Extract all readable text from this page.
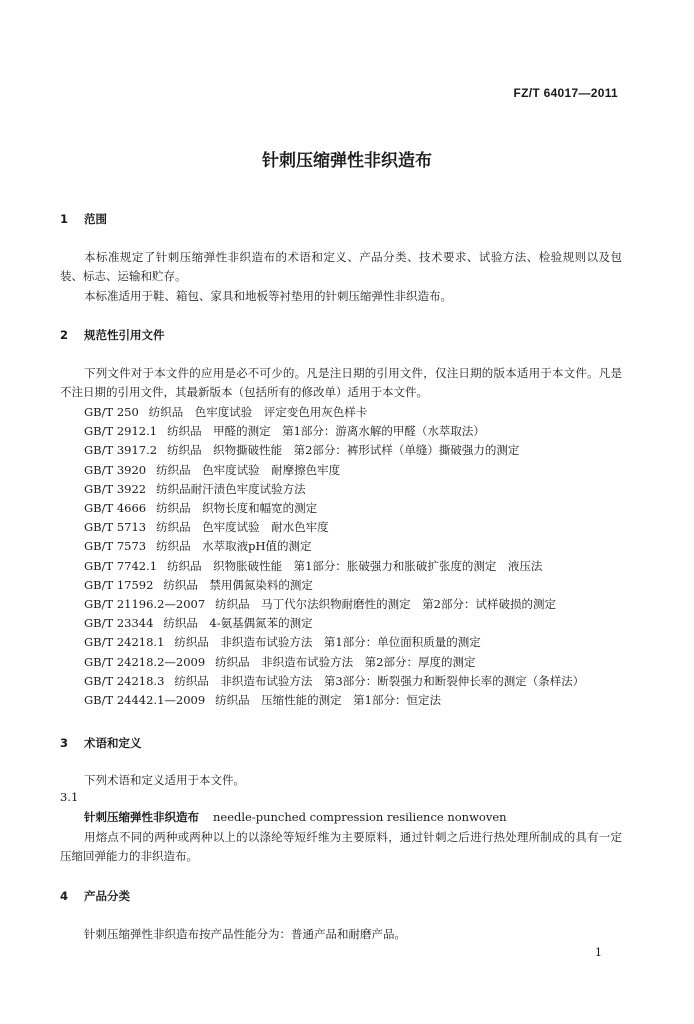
FZ/T 64017—2011
针刺压缩弹性非织造布
1 范围
本标准规定了针刺压缩弹性非织造布的术语和定义、产品分类、技术要求、试验方法、检验规则以及包装、标志、运输和贮存。
本标准适用于鞋、箱包、家具和地板等衬垫用的针刺压缩弹性非织造布。
2 规范性引用文件
下列文件对于本文件的应用是必不可少的。凡是注日期的引用文件，仅注日期的版本适用于本文件。凡是不注日期的引用文件，其最新版本（包括所有的修改单）适用于本文件。
GB/T 250 纺织品　色牢度试验　评定变色用灰色样卡
GB/T 2912.1 纺织品　甲醛的测定　第1部分：游离水解的甲醛（水萃取法）
GB/T 3917.2 纺织品　织物撕破性能　第2部分：裤形试样（单缝）撕破强力的测定
GB/T 3920 纺织品　色牢度试验　耐摩擦色牢度
GB/T 3922 纺织品耐汗渍色牢度试验方法
GB/T 4666 纺织品　织物长度和幅宽的测定
GB/T 5713 纺织品　色牢度试验　耐水色牢度
GB/T 7573 纺织品　水萃取液pH值的测定
GB/T 7742.1 纺织品　织物胀破性能　第1部分：胀破强力和胀破扩张度的测定　液压法
GB/T 17592 纺织品　禁用偶氮染料的测定
GB/T 21196.2—2007 纺织品　马丁代尔法织物耐磨性的测定　第2部分：试样破损的测定
GB/T 23344 纺织品　4-氨基偶氮苯的测定
GB/T 24218.1 纺织品　非织造布试验方法　第1部分：单位面积质量的测定
GB/T 24218.2—2009 纺织品　非织造布试验方法　第2部分：厚度的测定
GB/T 24218.3 纺织品　非织造布试验方法　第3部分：断裂强力和断裂伸长率的测定（条样法）
GB/T 24442.1—2009 纺织品　压缩性能的测定　第1部分：恒定法
3 术语和定义
下列术语和定义适用于本文件。
3.1
针刺压缩弹性非织造布 needle-punched compression resilience nonwoven
用熔点不同的两种或两种以上的以涤纶等短纤维为主要原料，通过针刺之后进行热处理所制成的具有一定压缩回弹能力的非织造布。
4 产品分类
针刺压缩弹性非织造布按产品性能分为：普通产品和耐磨产品。
1
